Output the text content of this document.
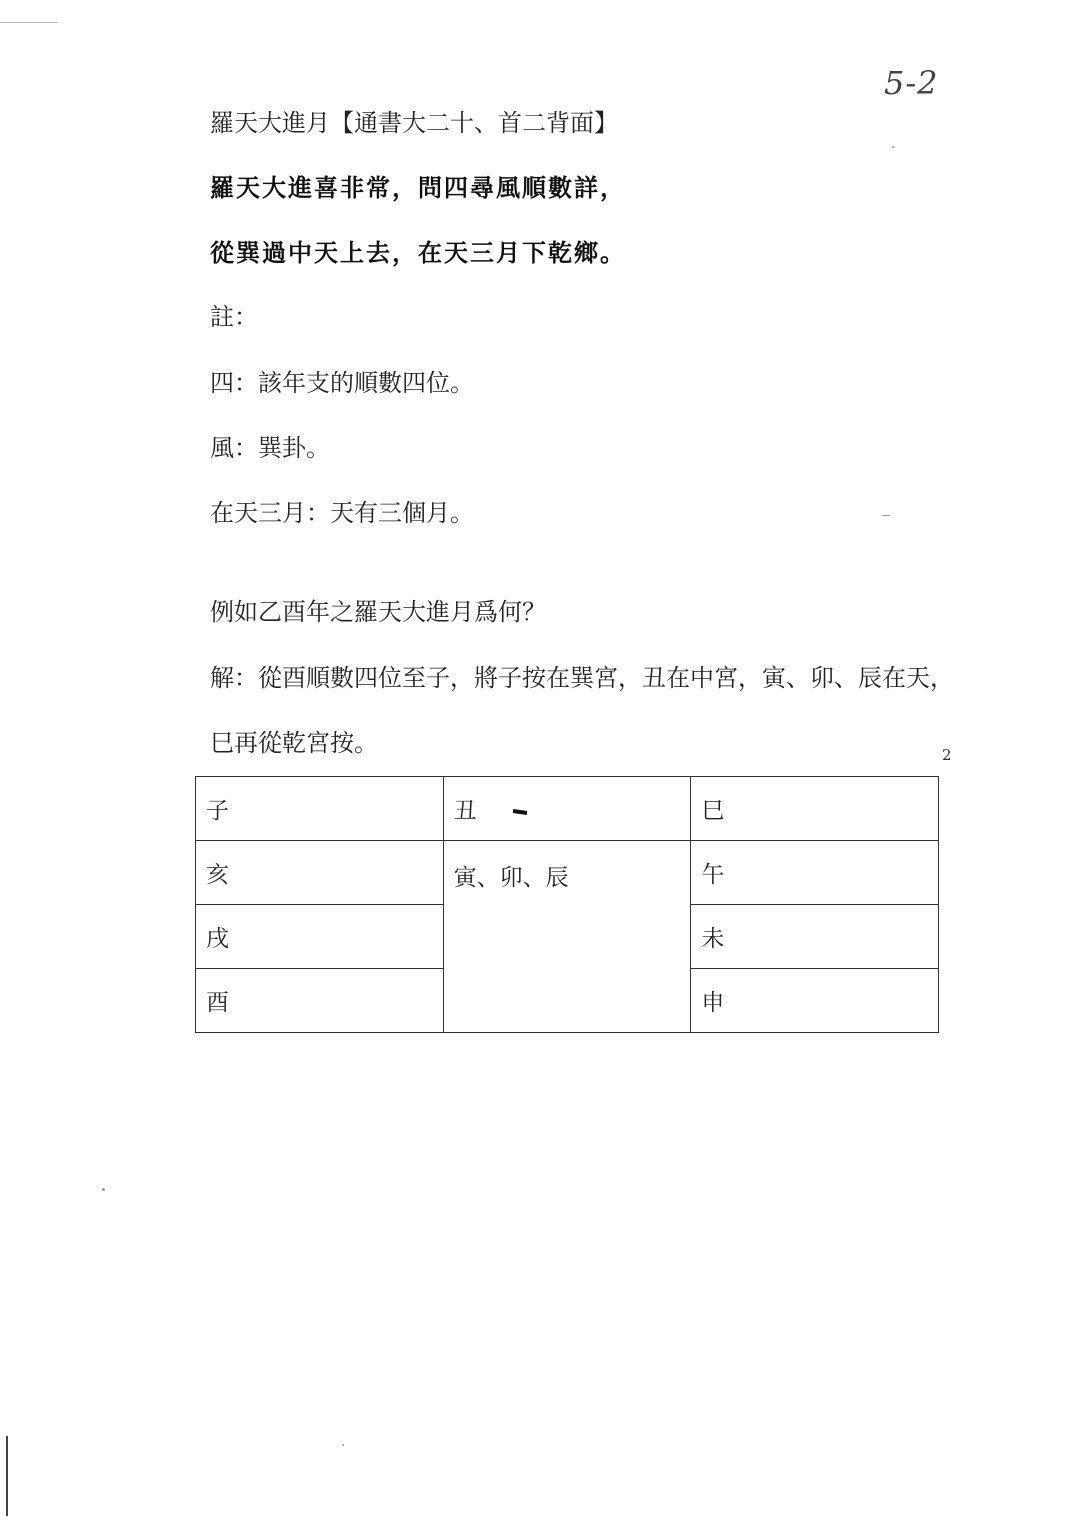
5-2
羅天大進月【通書大二十、首二背面】
羅天大進喜非常，問四尋風順數詳，
從巽過中天上去，在天三月下乾鄉。
註：
四：該年支的順數四位。
風：巽卦。
在天三月：天有三個月。
例如乙酉年之羅天大進月爲何？
解：從酉順數四位至子，將子按在巽宮，丑在中宮，寅、卯、辰在天，
巳再從乾宮按。	2
子	丑	巳
亥	寅、卯、辰	午
戌		未
酉		申
